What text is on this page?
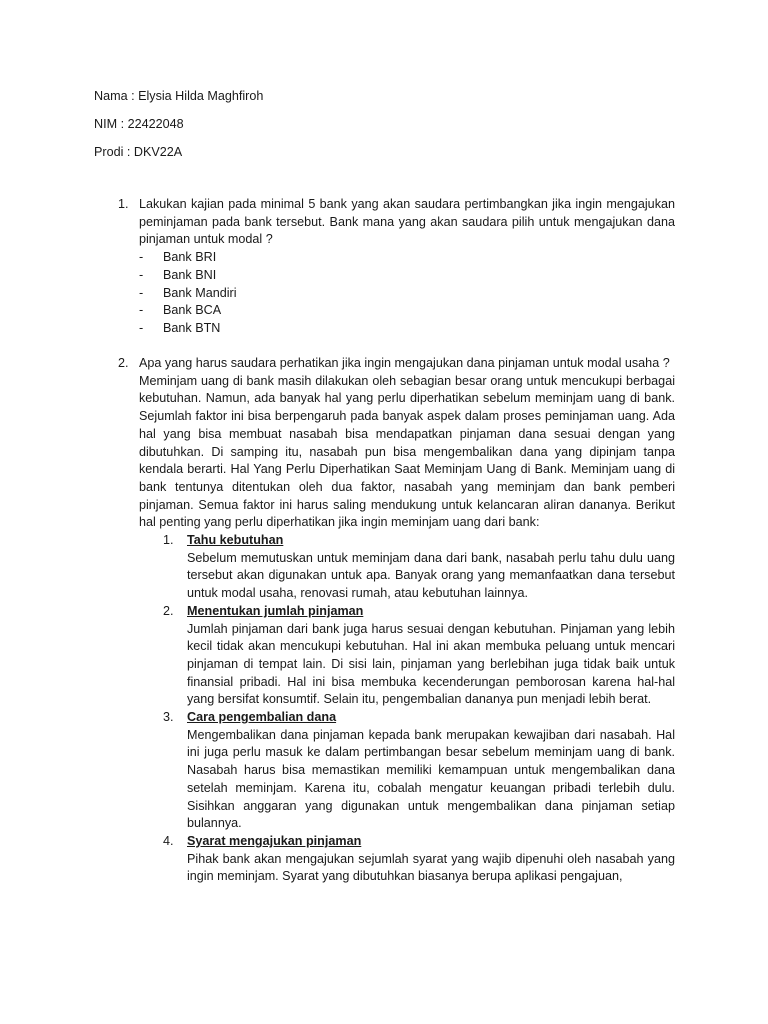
Nama : Elysia Hilda Maghfiroh
NIM : 22422048
Prodi : DKV22A
1. Lakukan kajian pada minimal 5 bank yang akan saudara pertimbangkan jika ingin mengajukan peminjaman pada bank tersebut. Bank mana yang akan saudara pilih untuk mengajukan dana pinjaman untuk modal ?
- Bank BRI
- Bank BNI
- Bank Mandiri
- Bank BCA
- Bank BTN
2. Apa yang harus saudara perhatikan jika ingin mengajukan dana pinjaman untuk modal usaha ?
Meminjam uang di bank masih dilakukan oleh sebagian besar orang untuk mencukupi berbagai kebutuhan. Namun, ada banyak hal yang perlu diperhatikan sebelum meminjam uang di bank. Sejumlah faktor ini bisa berpengaruh pada banyak aspek dalam proses peminjaman uang. Ada hal yang bisa membuat nasabah bisa mendapatkan pinjaman dana sesuai dengan yang dibutuhkan. Di samping itu, nasabah pun bisa mengembalikan dana yang dipinjam tanpa kendala berarti. Hal Yang Perlu Diperhatikan Saat Meminjam Uang di Bank. Meminjam uang di bank tentunya ditentukan oleh dua faktor, nasabah yang meminjam dan bank pemberi pinjaman. Semua faktor ini harus saling mendukung untuk kelancaran aliran dananya. Berikut hal penting yang perlu diperhatikan jika ingin meminjam uang dari bank:
1. Tahu kebutuhan
Sebelum memutuskan untuk meminjam dana dari bank, nasabah perlu tahu dulu uang tersebut akan digunakan untuk apa. Banyak orang yang memanfaatkan dana tersebut untuk modal usaha, renovasi rumah, atau kebutuhan lainnya.
2. Menentukan jumlah pinjaman
Jumlah pinjaman dari bank juga harus sesuai dengan kebutuhan. Pinjaman yang lebih kecil tidak akan mencukupi kebutuhan. Hal ini akan membuka peluang untuk mencari pinjaman di tempat lain. Di sisi lain, pinjaman yang berlebihan juga tidak baik untuk finansial pribadi. Hal ini bisa membuka kecenderungan pemborosan karena hal-hal yang bersifat konsumtif. Selain itu, pengembalian dananya pun menjadi lebih berat.
3. Cara pengembalian dana
Mengembalikan dana pinjaman kepada bank merupakan kewajiban dari nasabah. Hal ini juga perlu masuk ke dalam pertimbangan besar sebelum meminjam uang di bank. Nasabah harus bisa memastikan memiliki kemampuan untuk mengembalikan dana setelah meminjam. Karena itu, cobalah mengatur keuangan pribadi terlebih dulu. Sisihkan anggaran yang digunakan untuk mengembalikan dana pinjaman setiap bulannya.
4. Syarat mengajukan pinjaman
Pihak bank akan mengajukan sejumlah syarat yang wajib dipenuhi oleh nasabah yang ingin meminjam. Syarat yang dibutuhkan biasanya berupa aplikasi pengajuan,
